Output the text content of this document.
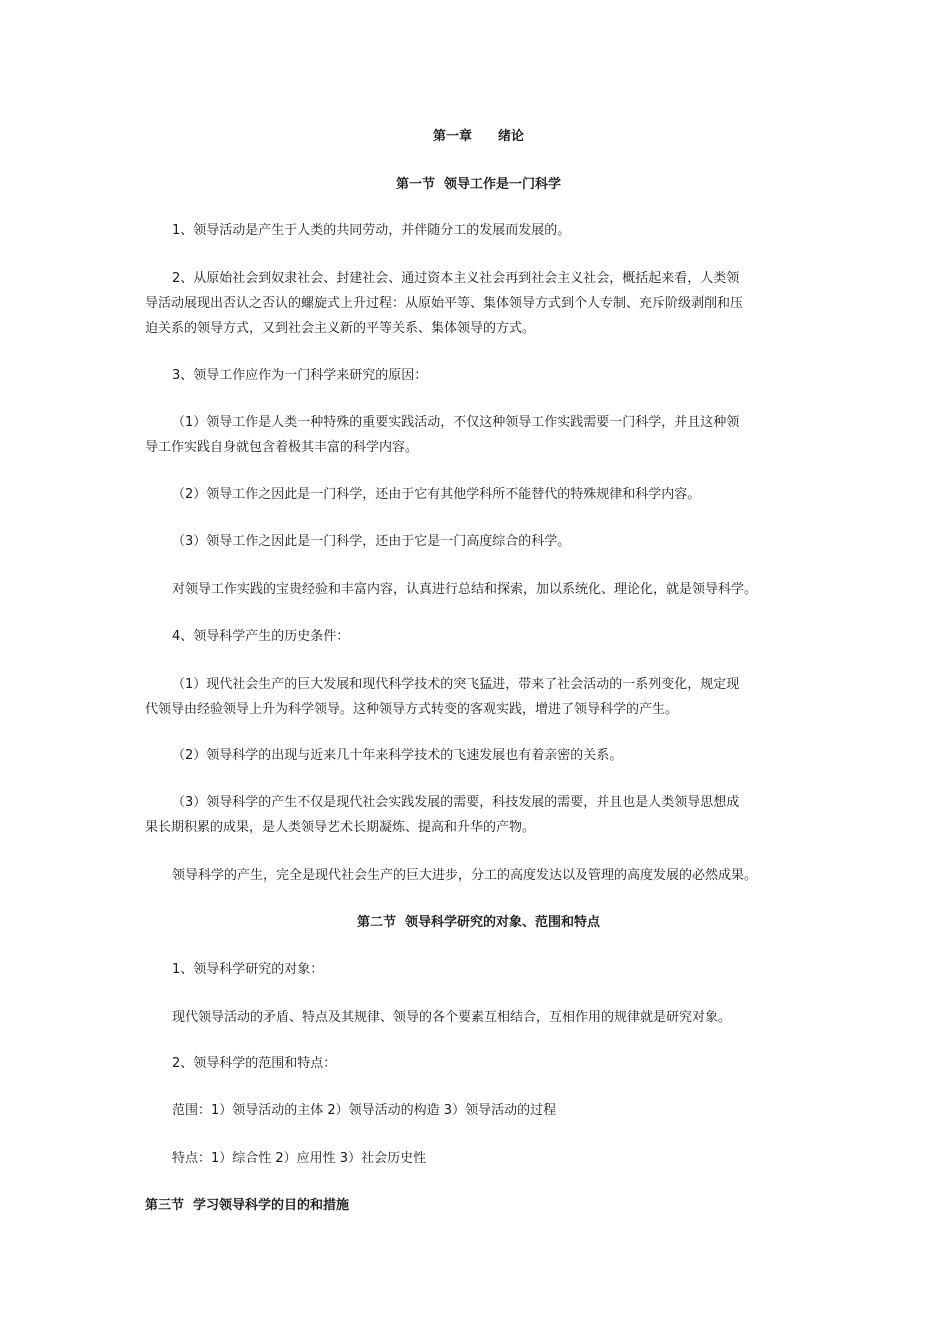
第一章　　绪论
第一节  领导工作是一门科学
1、领导活动是产生于人类的共同劳动，并伴随分工的发展而发展的。
2、从原始社会到奴隶社会、封建社会、通过资本主义社会再到社会主义社会，概括起来看，人类领
导活动展现出否认之否认的螺旋式上升过程：从原始平等、集体领导方式到个人专制、充斥阶级剥削和压
迫关系的领导方式，又到社会主义新的平等关系、集体领导的方式。
3、领导工作应作为一门科学来研究的原因：
（1）领导工作是人类一种特殊的重要实践活动，不仅这种领导工作实践需要一门科学，并且这种领
导工作实践自身就包含着极其丰富的科学内容。
（2）领导工作之因此是一门科学，还由于它有其他学科所不能替代的特殊规律和科学内容。
（3）领导工作之因此是一门科学，还由于它是一门高度综合的科学。
对领导工作实践的宝贵经验和丰富内容，认真进行总结和探索，加以系统化、理论化，就是领导科学。
4、领导科学产生的历史条件：
（1）现代社会生产的巨大发展和现代科学技术的突飞猛进，带来了社会活动的一系列变化，规定现
代领导由经验领导上升为科学领导。这种领导方式转变的客观实践，增进了领导科学的产生。
（2）领导科学的出现与近来几十年来科学技术的飞速发展也有着亲密的关系。
（3）领导科学的产生不仅是现代社会实践发展的需要，科技发展的需要，并且也是人类领导思想成
果长期积累的成果，是人类领导艺术长期凝炼、提高和升华的产物。
领导科学的产生，完全是现代社会生产的巨大进步，分工的高度发达以及管理的高度发展的必然成果。
第二节  领导科学研究的对象、范围和特点
1、领导科学研究的对象：
现代领导活动的矛盾、特点及其规律、领导的各个要素互相结合，互相作用的规律就是研究对象。
2、领导科学的范围和特点：
范围：1）领导活动的主体 2）领导活动的构造 3）领导活动的过程
特点：1）综合性 2）应用性 3）社会历史性
第三节  学习领导科学的目的和措施
